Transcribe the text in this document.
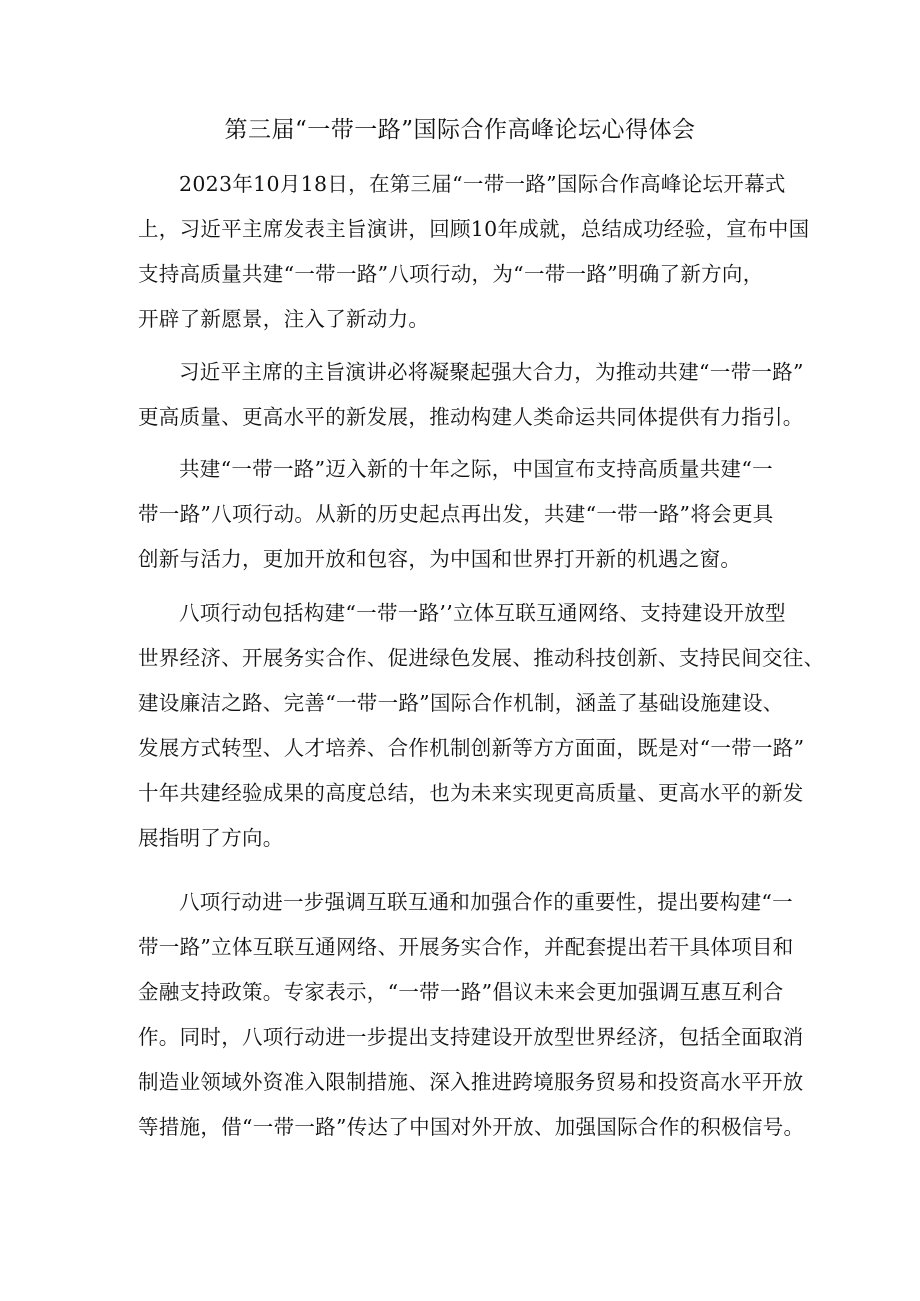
第三届“一带一路”国际合作高峰论坛心得体会
2023年10月18日，在第三届“一带一路”国际合作高峰论坛开幕式
上，习近平主席发表主旨演讲，回顾10年成就，总结成功经验，宣布中国
支持高质量共建“一带一路”八项行动，为“一带一路”明确了新方向，
开辟了新愿景，注入了新动力。
习近平主席的主旨演讲必将凝聚起强大合力，为推动共建“一带一路”
更高质量、更高水平的新发展，推动构建人类命运共同体提供有力指引。
共建“一带一路”迈入新的十年之际，中国宣布支持高质量共建“一
带一路”八项行动。从新的历史起点再出发，共建“一带一路”将会更具
创新与活力，更加开放和包容，为中国和世界打开新的机遇之窗。
八项行动包括构建“一带一路’’立体互联互通网络、支持建设开放型
世界经济、开展务实合作、促进绿色发展、推动科技创新、支持民间交往、
建设廉洁之路、完善“一带一路”国际合作机制，涵盖了基础设施建设、
发展方式转型、人才培养、合作机制创新等方方面面，既是对“一带一路”
十年共建经验成果的高度总结，也为未来实现更高质量、更高水平的新发
展指明了方向。
八项行动进一步强调互联互通和加强合作的重要性，提出要构建“一
带一路”立体互联互通网络、开展务实合作，并配套提出若干具体项目和
金融支持政策。专家表示，“一带一路”倡议未来会更加强调互惠互利合
作。同时，八项行动进一步提出支持建设开放型世界经济，包括全面取消
制造业领域外资准入限制措施、深入推进跨境服务贸易和投资高水平开放
等措施，借“一带一路”传达了中国对外开放、加强国际合作的积极信号。
